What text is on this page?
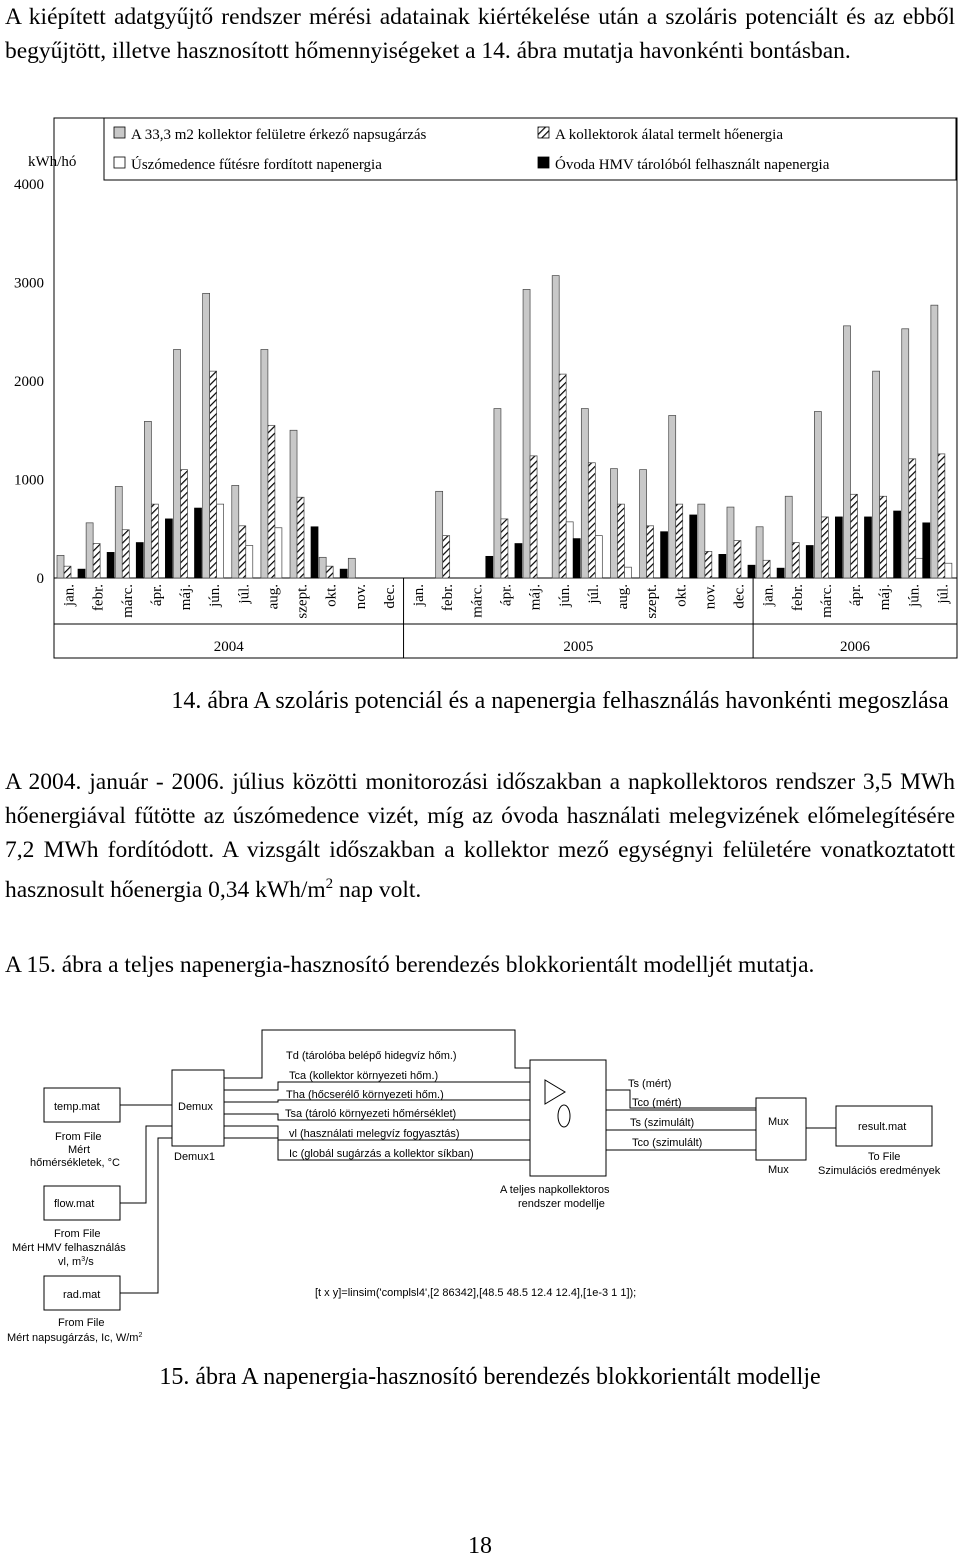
A kiépített adatgyűjtő rendszer mérési adatainak kiértékelése után a szoláris potenciált és az ebből begyűjtött, illetve hasznosított hőmennyiségeket a 14. ábra mutatja havonkénti bontásban.

A 33,3 m2 kollektor felületre érkező napsugárzás	A kollektorok álatal termelt hőenergia
Úszómedence fűtésre fordított napenergia	Óvoda HMV tárolóból felhasznált napenergia
kWh/hó
0
1000
2000
3000
4000
jan. febr. márc. ápr. máj. jún. júl. aug. szept. okt. nov. dec. jan. febr. márc. ápr. máj. jún. júl. aug. szept. okt. nov. dec. jan. febr. márc. ápr. máj. jún. júl.
2004	2005	2006
14. ábra A szoláris potenciál és a napenergia felhasználás havonkénti megoszlása

A 2004. január - 2006. július közötti monitorozási időszakban a napkollektoros rendszer 3,5 MWh hőenergiával fűtötte az úszómedence vizét, míg az óvoda használati melegvizének előmelegítésére 7,2 MWh fordítódott. A vizsgált időszakban a kollektor mező egységnyi felületére vonatkoztatott hasznosult hőenergia 0,34 kWh/$m^2$ nap volt.

A 15. ábra a teljes napenergia-hasznosító berendezés blokkorientált modelljét mutatja.

temp.mat
From File
Mért
hőmérsékletek, °C
flow.mat
From File
Mért HMV felhasználás
vl, $m^3/s$
rad.mat
From File
Mért napsugárzás, Ic, $W/m^2$
Demux
Demux1
Td (tárolóba belépő hidegvíz hőm.)
Tca (kollektor környezeti hőm.)
Tha (hőcserélő környezeti hőm.)
Tsa (tároló környezeti hőmérséklet)
vl (használati melegvíz fogyasztás)
Ic (globál sugárzás a kollektor síkban)
A teljes napkollektoros
rendszer modellje
Ts (mért)
Tco (mért)
Ts (szimulált)
Tco (szimulált)
Mux
Mux
result.mat
To File
Szimulációs eredmények
[t x y]=linsim('complsl4',[2 86342],[48.5 48.5 12.4 12.4],[1e-3 1 1]);
15. ábra A napenergia-hasznosító berendezés blokkorientált modellje
18
